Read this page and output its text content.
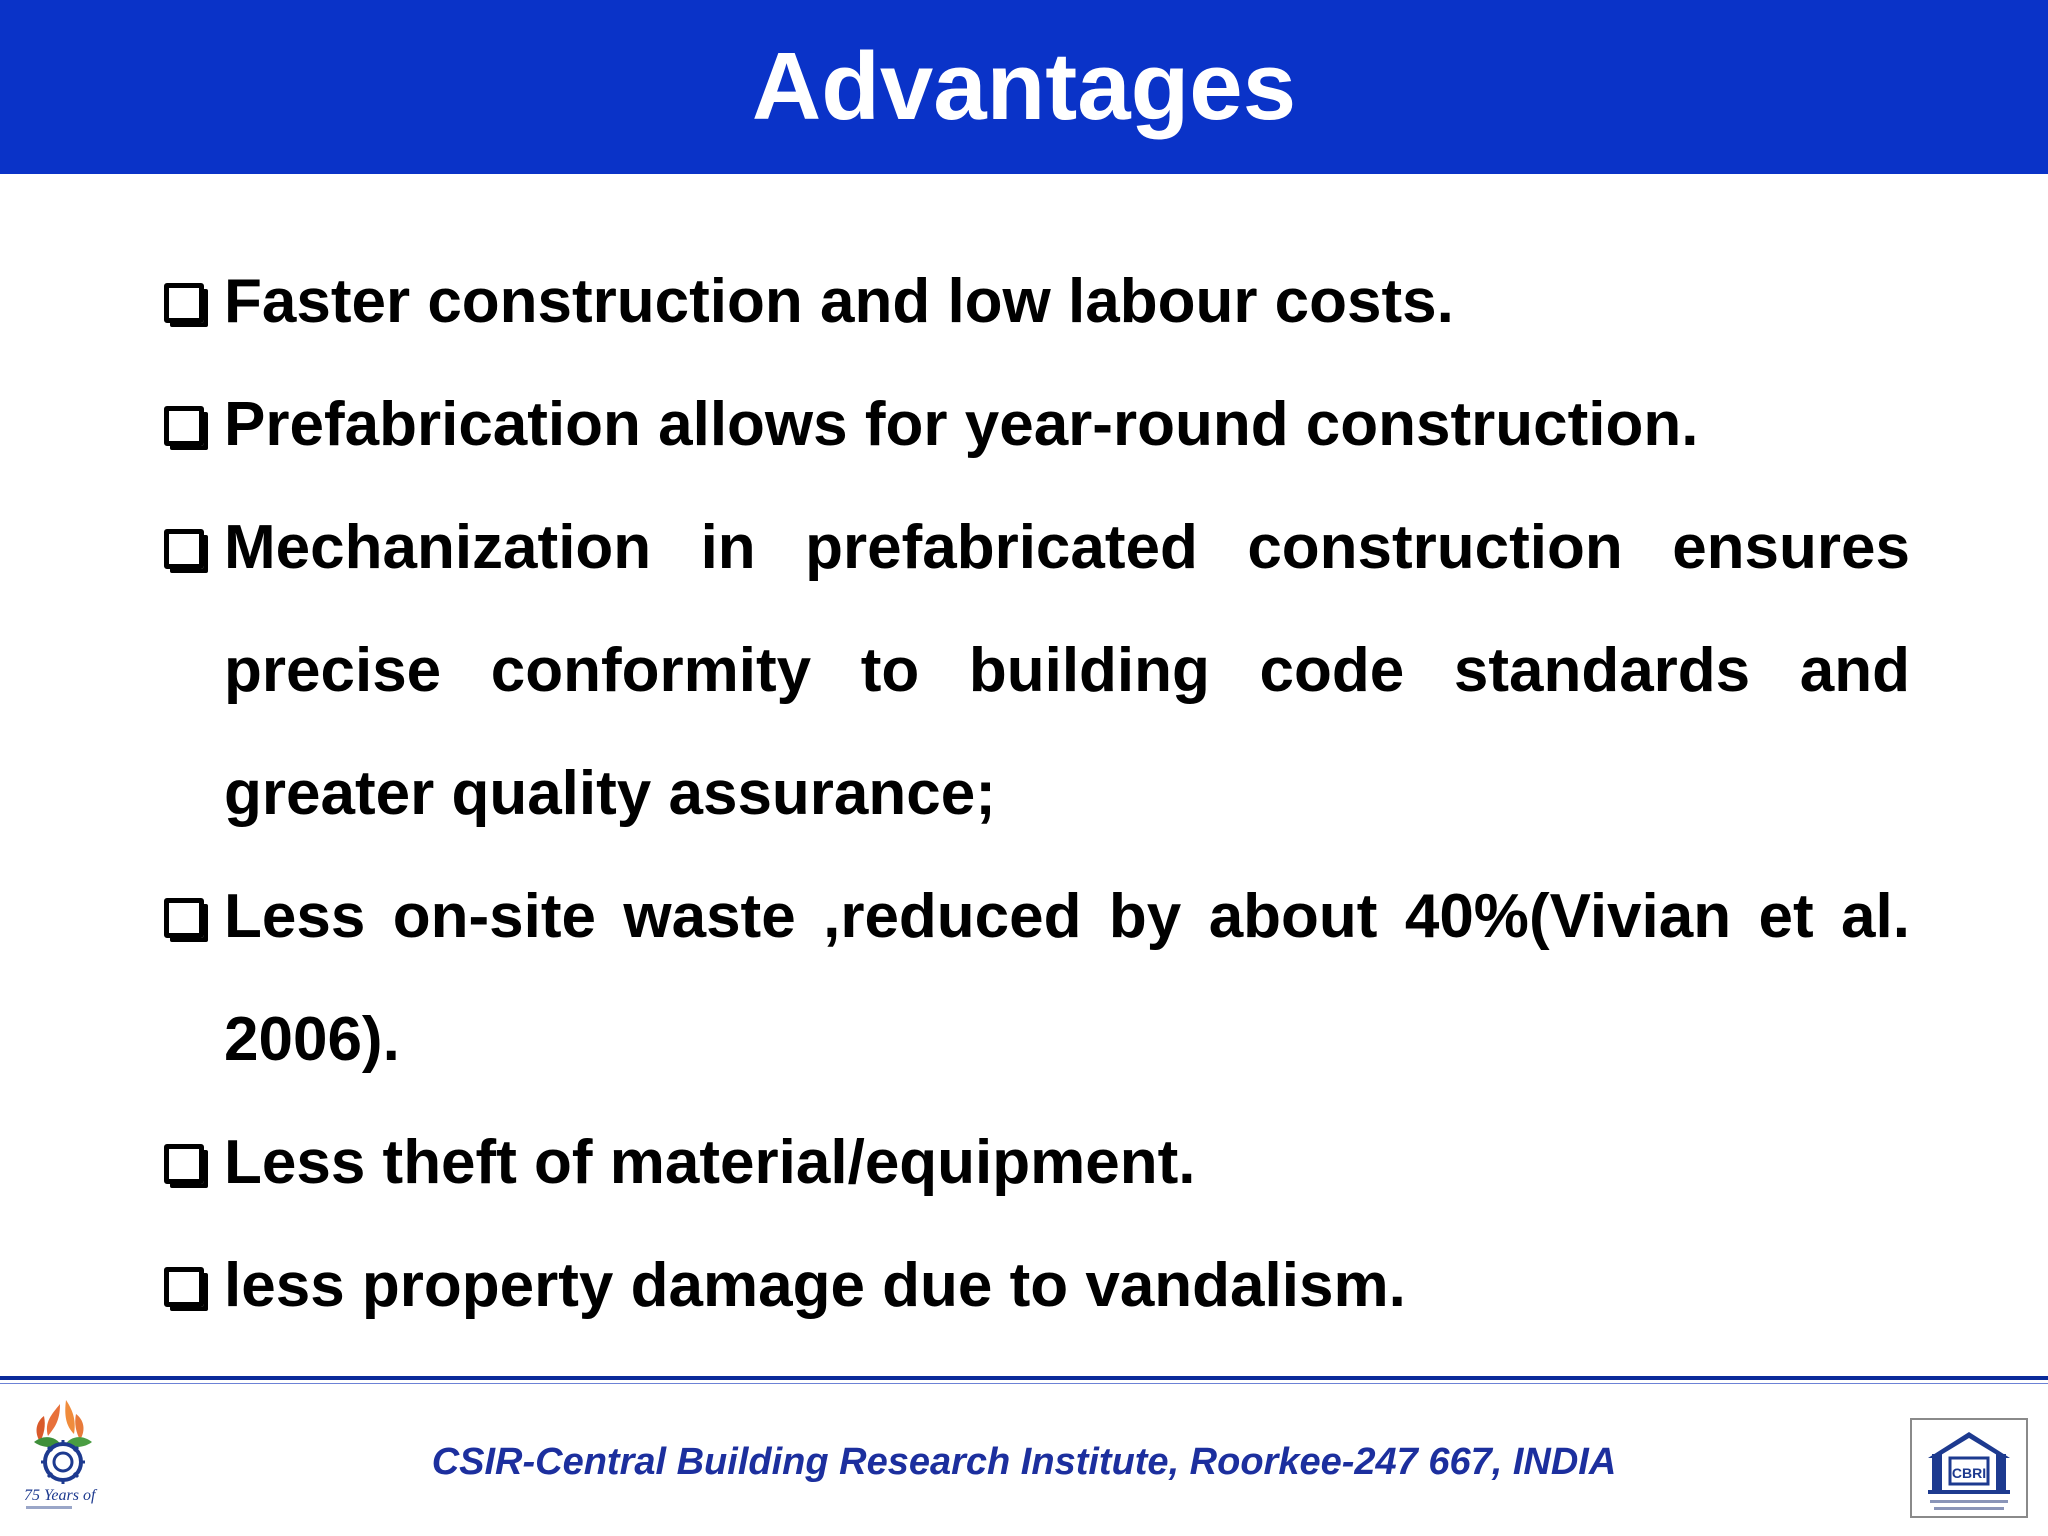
Advantages
Faster construction and low labour costs.
Prefabrication allows for year-round construction.
Mechanization in prefabricated construction ensures precise conformity to building code standards and greater quality assurance;
Less on-site waste ,reduced by about 40%(Vivian et al. 2006).
Less theft of material/equipment.
less property damage due to vandalism.
75 Years of
CSIR-Central Building Research Institute, Roorkee-247 667, INDIA	CBRI
